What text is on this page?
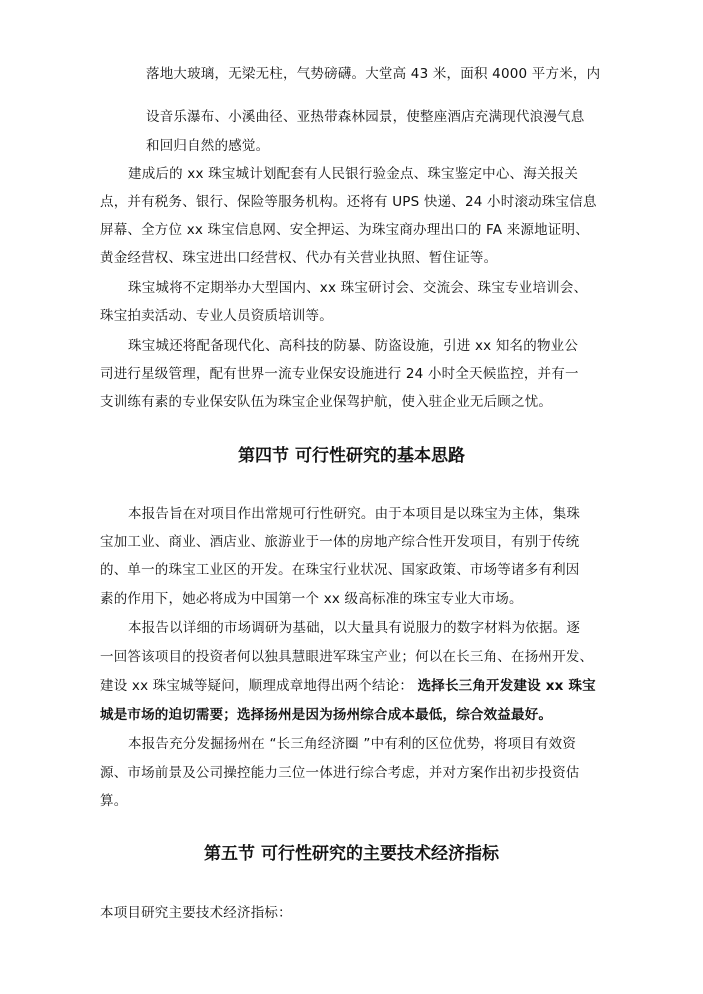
落地大玻璃，无梁无柱，气势磅礴。大堂高 43 米，面积 4000 平方米，内
设音乐瀑布、小溪曲径、亚热带森林园景，使整座酒店充满现代浪漫气息
和回归自然的感觉。
建成后的 xx 珠宝城计划配套有人民银行验金点、珠宝鉴定中心、海关报关
点，并有税务、银行、保险等服务机构。还将有 UPS 快递、24 小时滚动珠宝信息
屏幕、全方位 xx 珠宝信息网、安全押运、为珠宝商办理出口的 FA 来源地证明、
黄金经营权、珠宝进出口经营权、代办有关营业执照、暂住证等。
珠宝城将不定期举办大型国内、xx 珠宝研讨会、交流会、珠宝专业培训会、
珠宝拍卖活动、专业人员资质培训等。
珠宝城还将配备现代化、高科技的防暴、防盗设施，引进 xx 知名的物业公
司进行星级管理，配有世界一流专业保安设施进行 24 小时全天候监控，并有一
支训练有素的专业保安队伍为珠宝企业保驾护航，使入驻企业无后顾之忧。
第四节 可行性研究的基本思路
本报告旨在对项目作出常规可行性研究。由于本项目是以珠宝为主体，集珠
宝加工业、商业、酒店业、旅游业于一体的房地产综合性开发项目，有别于传统
的、单一的珠宝工业区的开发。在珠宝行业状况、国家政策、市场等诸多有利因
素的作用下，她必将成为中国第一个 xx 级高标准的珠宝专业大市场。
本报告以详细的市场调研为基础，以大量具有说服力的数字材料为依据。逐
一回答该项目的投资者何以独具慧眼进军珠宝产业；何以在长三角、在扬州开发、
建设 xx 珠宝城等疑问，顺理成章地得出两个结论： 选择长三角开发建设 xx 珠宝
城是市场的迫切需要；选择扬州是因为扬州综合成本最低，综合效益最好。
本报告充分发掘扬州在 “长三角经济圈 ”中有利的区位优势，将项目有效资
源、市场前景及公司操控能力三位一体进行综合考虑，并对方案作出初步投资估
算。
第五节 可行性研究的主要技术经济指标
本项目研究主要技术经济指标：
